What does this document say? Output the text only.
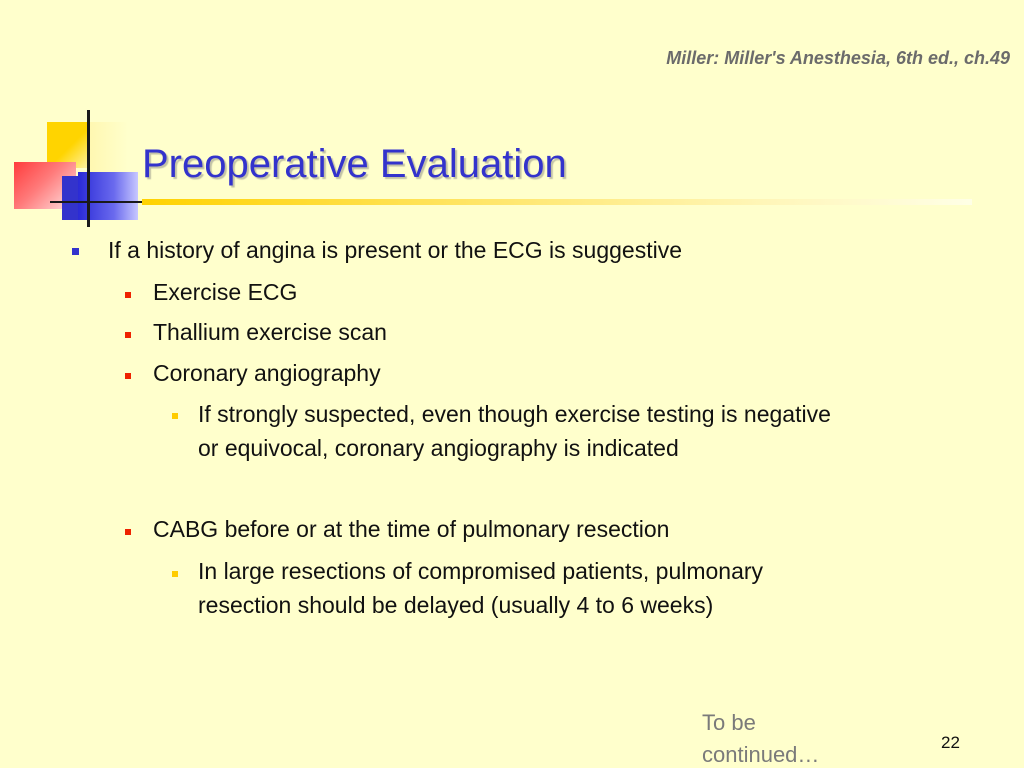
Miller: Miller's Anesthesia, 6th ed., ch.49
Preoperative Evaluation
If a history of angina is present or the ECG is suggestive
Exercise ECG
Thallium exercise scan
Coronary angiography
If strongly suspected, even though exercise testing is negative
or equivocal, coronary angiography is indicated
CABG before or at the time of pulmonary resection
In large resections of compromised patients, pulmonary
resection should be delayed (usually 4 to 6 weeks)
To be continued…	22
